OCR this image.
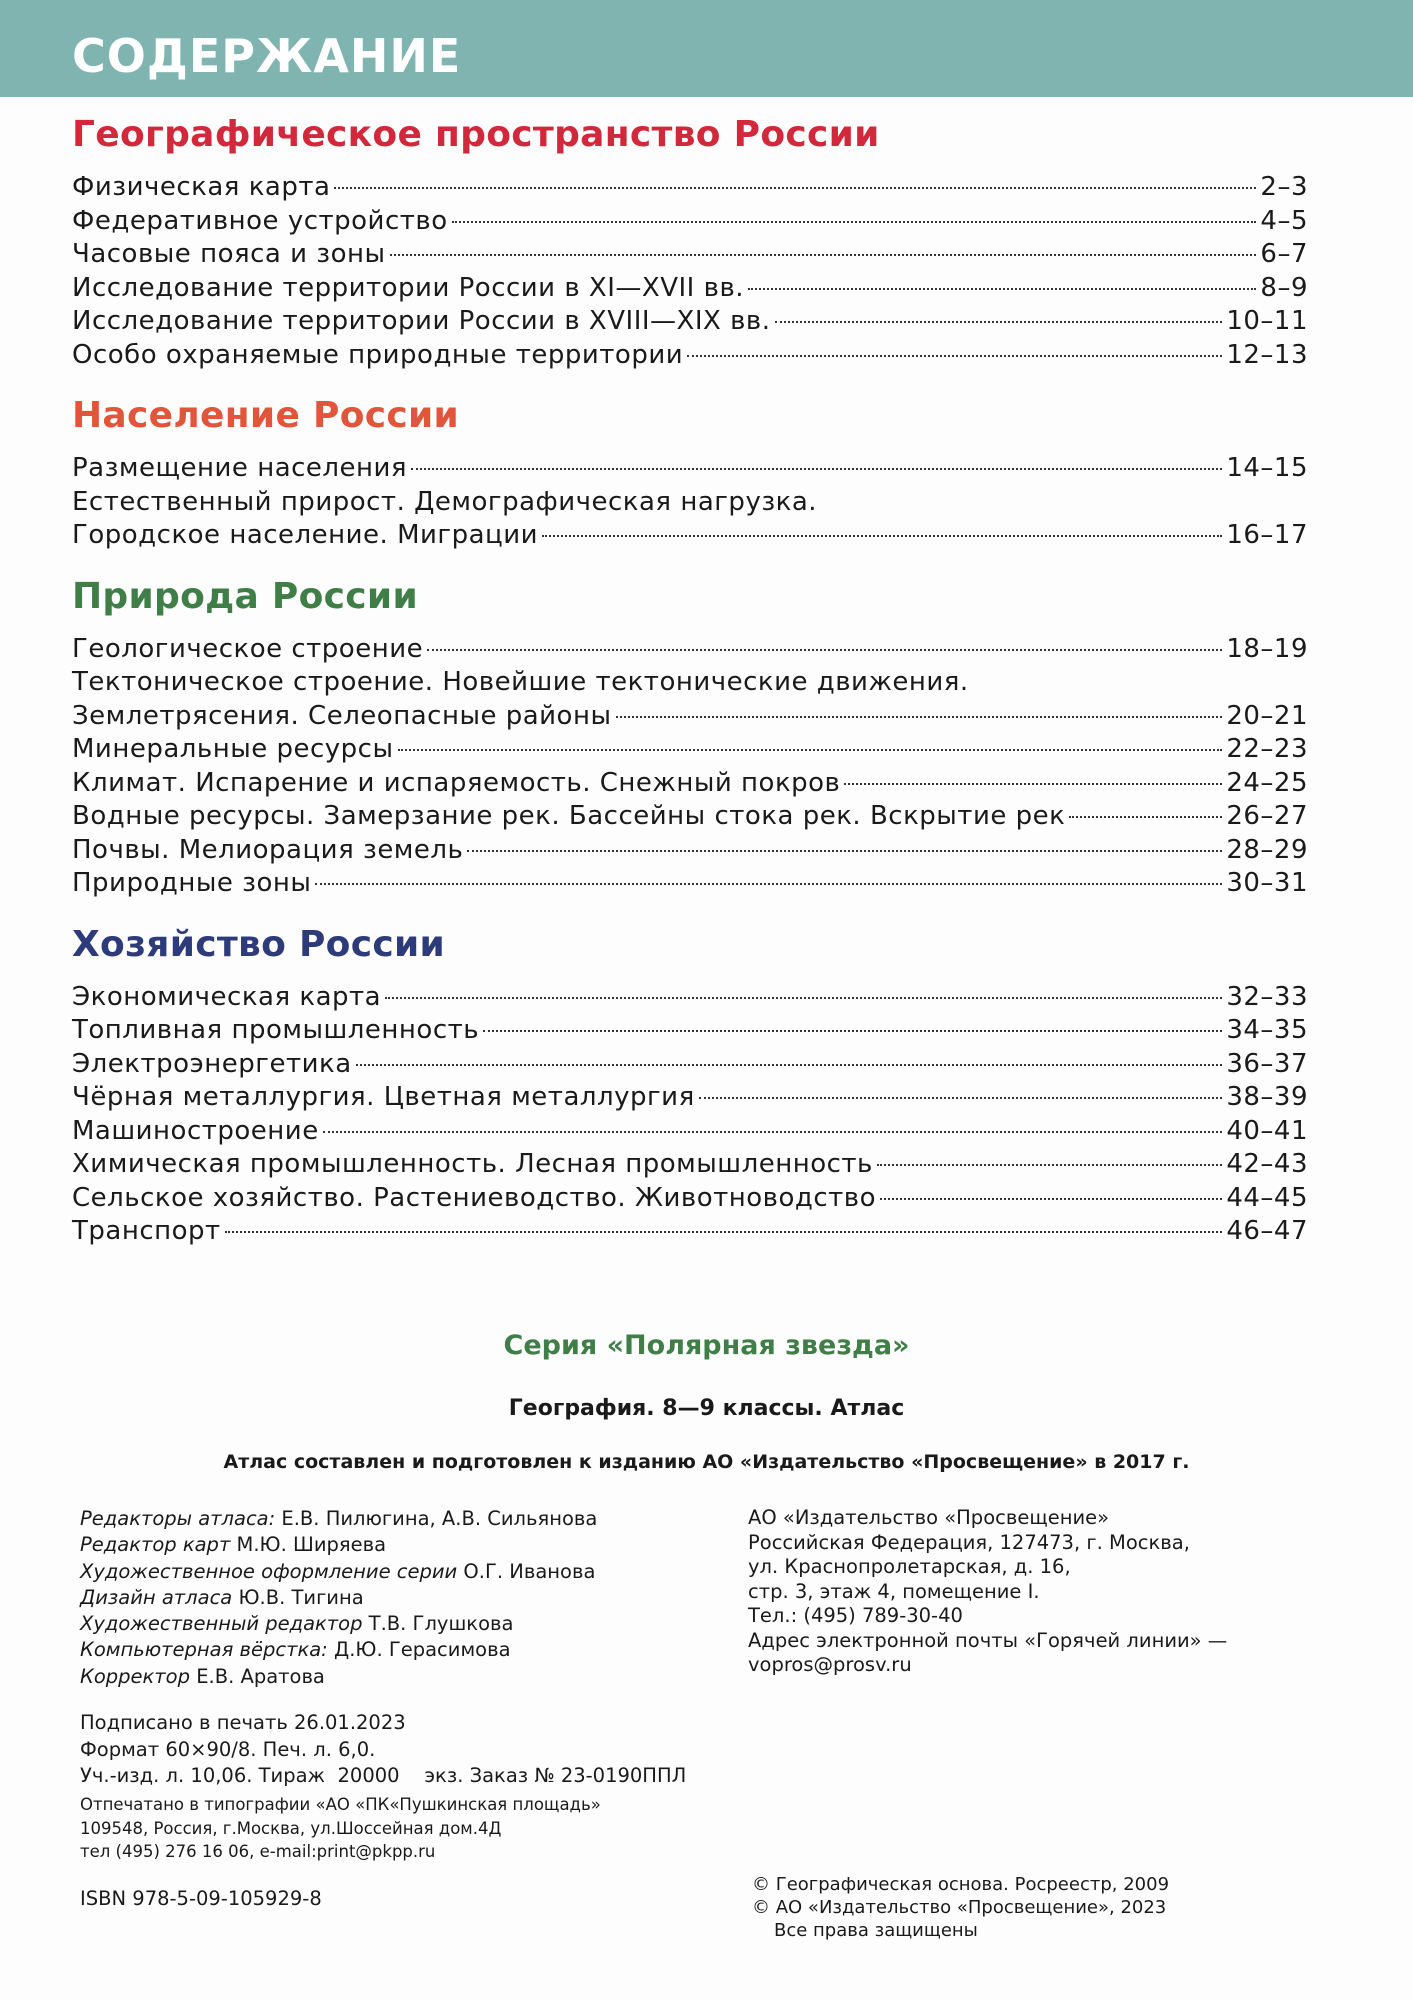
СОДЕРЖАНИЕ
Географическое пространство России
Физическая карта	2–3
Федеративное устройство	4–5
Часовые пояса и зоны	6–7
Исследование территории России в XI—XVII вв.	8–9
Исследование территории России в XVIII—XIX вв.	10–11
Особо охраняемые природные территории	12–13
Население России
Размещение населения	14–15
Естественный прирост. Демографическая нагрузка.
Городское население. Миграции	16–17
Природа России
Геологическое строение	18–19
Тектоническое строение. Новейшие тектонические движения.
Землетрясения. Селеопасные районы	20–21
Минеральные ресурсы	22–23
Климат. Испарение и испаряемость. Снежный покров	24–25
Водные ресурсы. Замерзание рек. Бассейны стока рек. Вскрытие рек	26–27
Почвы. Мелиорация земель	28–29
Природные зоны	30–31
Хозяйство России
Экономическая карта	32–33
Топливная промышленность	34–35
Электроэнергетика	36–37
Чёрная металлургия. Цветная металлургия	38–39
Машиностроение	40–41
Химическая промышленность. Лесная промышленность	42–43
Сельское хозяйство. Растениеводство. Животноводство	44–45
Транспорт	46–47

Серия «Полярная звезда»

География. 8—9 классы. Атлас

Атлас составлен и подготовлен к изданию АО «Издательство «Просвещение» в 2017 г.

Редакторы атласа: Е.В. Пилюгина, А.В. Сильянова
Редактор карт М.Ю. Ширяева
Художественное оформление серии О.Г. Иванова
Дизайн атласа Ю.В. Тигина
Художественный редактор Т.В. Глушкова
Компьютерная вёрстка: Д.Ю. Герасимова
Корректор Е.В. Аратова
Подписано в печать 26.01.2023
Формат 60×90/8. Печ. л. 6,0.
Уч.-изд. л. 10,06. Тираж  20000    экз. Заказ № 23-0190ППЛ
Отпечатано в типографии «АО «ПК«Пушкинская площадь»
109548, Россия, г.Москва, ул.Шоссейная дом.4Д
тел (495) 276 16 06, e-mail:print@pkpp.ru
ISBN 978-5-09-105929-8
АО «Издательство «Просвещение»
Российская Федерация, 127473, г. Москва,
ул. Краснопролетарская, д. 16,
стр. 3, этаж 4, помещение I.
Тел.: (495) 789-30-40
Адрес электронной почты «Горячей линии» —
vopros@prosv.ru
© Географическая основа. Росреестр, 2009
© АО «Издательство «Просвещение», 2023
Все права защищены
